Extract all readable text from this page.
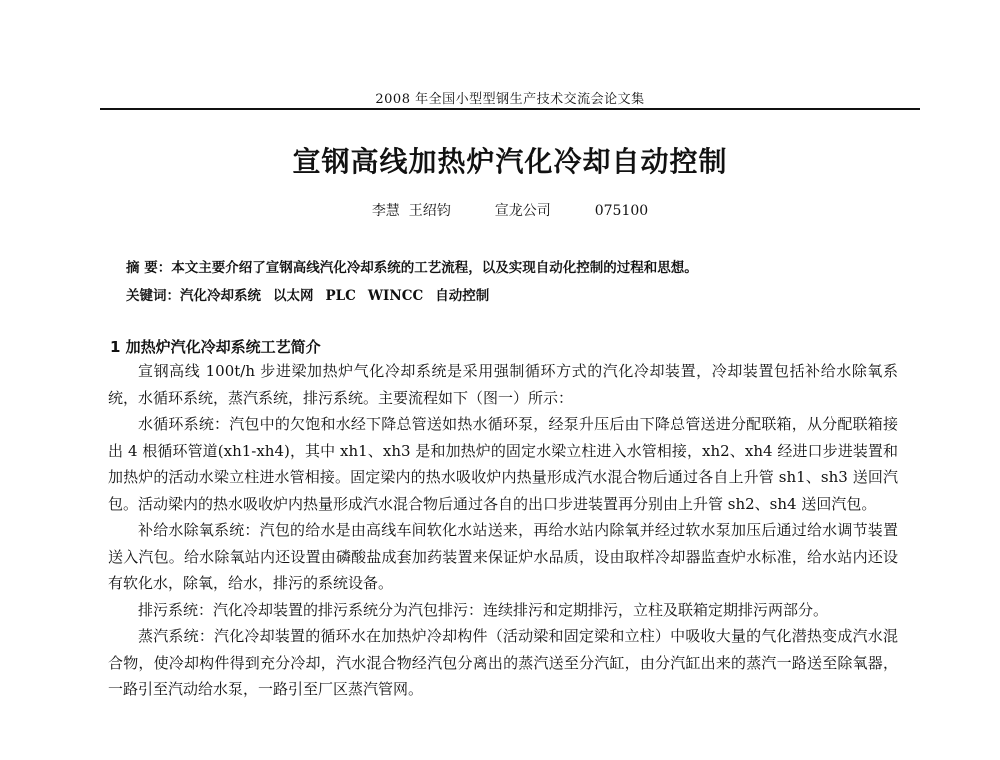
2008 年全国小型型钢生产技术交流会论文集
宣钢高线加热炉汽化冷却自动控制
李慧  王绍钧	宣龙公司	075100
摘 要：本文主要介绍了宣钢高线汽化冷却系统的工艺流程，以及实现自动化控制的过程和思想。
关键词：汽化冷却系统 以太网 PLC WINCC 自动控制
1 加热炉汽化冷却系统工艺简介

宣钢高线 100t/h 步进梁加热炉气化冷却系统是采用强制循环方式的汽化冷却装置，冷却装置包括补给水除氧系统，水循环系统，蒸汽系统，排污系统。主要流程如下（图一）所示：

水循环系统：汽包中的欠饱和水经下降总管送如热水循环泵，经泵升压后由下降总管送进分配联箱，从分配联箱接出 4 根循环管道(xh1-xh4)，其中 xh1、xh3 是和加热炉的固定水梁立柱进入水管相接，xh2、xh4 经进口步进装置和加热炉的活动水梁立柱进水管相接。固定梁内的热水吸收炉内热量形成汽水混合物后通过各自上升管 sh1、sh3 送回汽包。活动梁内的热水吸收炉内热量形成汽水混合物后通过各自的出口步进装置再分别由上升管 sh2、sh4 送回汽包。

补给水除氧系统：汽包的给水是由高线车间软化水站送来，再给水站内除氧并经过软水泵加压后通过给水调节装置送入汽包。给水除氧站内还设置由磷酸盐成套加药装置来保证炉水品质，设由取样冷却器监查炉水标准，给水站内还设有软化水，除氧，给水，排污的系统设备。

排污系统：汽化冷却装置的排污系统分为汽包排污：连续排污和定期排污，立柱及联箱定期排污两部分。

蒸汽系统：汽化冷却装置的循环水在加热炉冷却构件（活动梁和固定梁和立柱）中吸收大量的气化潜热变成汽水混合物，使冷却构件得到充分冷却，汽水混合物经汽包分离出的蒸汽送至分汽缸，由分汽缸出来的蒸汽一路送至除氧器，一路引至汽动给水泵，一路引至厂区蒸汽管网。
